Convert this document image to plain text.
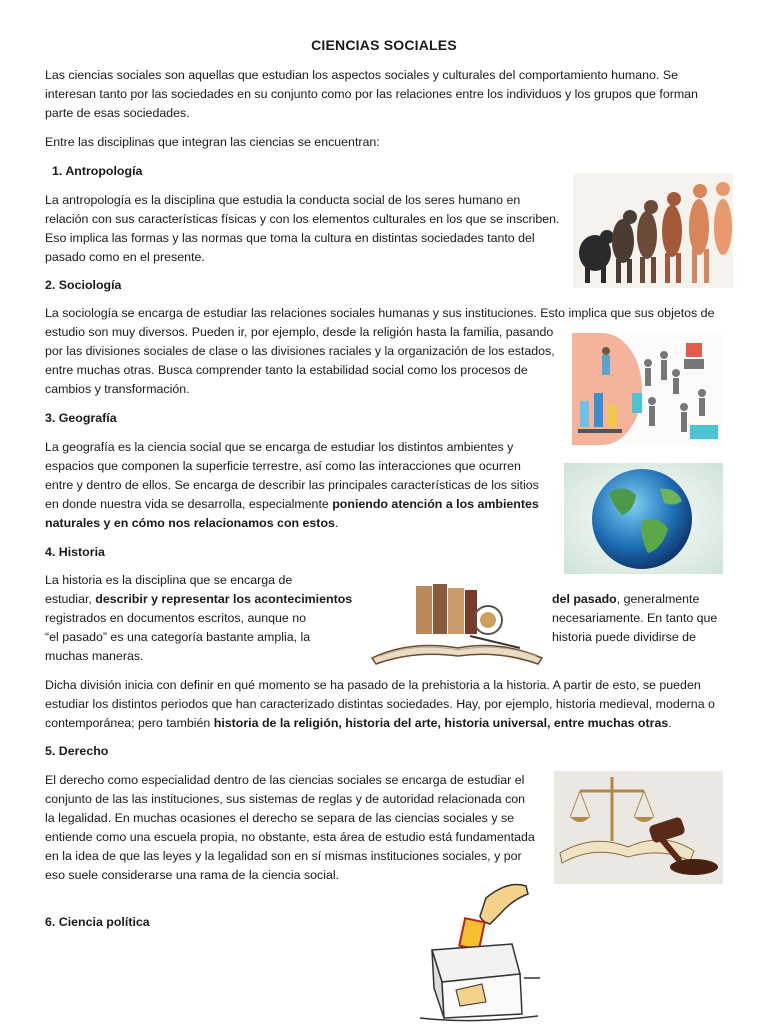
CIENCIAS SOCIALES

Las ciencias sociales son aquellas que estudian los aspectos sociales y culturales del comportamiento humano. Se interesan tanto por las sociedades en su conjunto como por las relaciones entre los individuos y los grupos que forman parte de esas sociedades.

Entre las disciplinas que integran las ciencias se encuentran:

1. Antropología

La antropología es la disciplina que estudia la conducta social de los seres humano en relación con sus características físicas y con los elementos culturales en los que se inscriben. Eso implica las formas y las normas que toma la cultura en distintas sociedades tanto del pasado como en el presente.

2. Sociología

La sociología se encarga de estudiar las relaciones sociales humanas y sus instituciones. Esto implica que sus objetos de

estudio son muy diversos. Pueden ir, por ejemplo, desde la religión hasta la familia, pasando por las divisiones sociales de clase o las divisiones raciales y la organización de los estados, entre muchas otras. Busca comprender tanto la estabilidad social como los procesos de cambios y transformación.

3. Geografía

La geografía es la ciencia social que se encarga de estudiar los distintos ambientes y espacios que componen la superficie terrestre, así como las interacciones que ocurren entre y dentro de ellos. Se encarga de describir las principales características de los sitios en donde nuestra vida se desarrolla, especialmente poniendo atención a los ambientes naturales y en cómo nos relacionamos con estos.

4. Historia

La historia es la disciplina que se encarga de

estudiar, describir y representar los acontecimientos

registrados en documentos escritos, aunque no

“el pasado” es una categoría bastante amplia, la

muchas maneras.

del pasado, generalmente

necesariamente. En tanto que

historia puede dividirse de

Dicha división inicia con definir en qué momento se ha pasado de la prehistoria a la historia. A partir de esto, se pueden estudiar los distintos periodos que han caracterizado distintas sociedades. Hay, por ejemplo, historia medieval, moderna o contemporánea; pero también historia de la religión, historia del arte, historia universal, entre muchas otras.

5. Derecho

El derecho como especialidad dentro de las ciencias sociales se encarga de estudiar el conjunto de las las instituciones, sus sistemas de reglas y de autoridad relacionada con la legalidad. En muchas ocasiones el derecho se separa de las ciencias sociales y se entiende como una escuela propia, no obstante, esta área de estudio está fundamentada en la idea de que las leyes y la legalidad son en sí mismas instituciones sociales, y por eso suele considerarse una rama de la ciencia social.

6. Ciencia política
